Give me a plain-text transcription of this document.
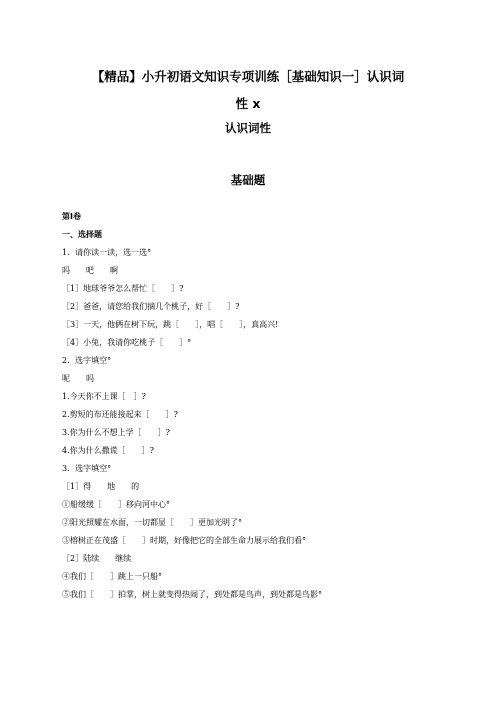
【精品】小升初语文知识专项训练［基础知识一］认识词
性 x
认识词性
基础题
第Ⅰ卷
一、选择题
1．请你读一读，选一选°
吗　　吧　　啊
［1］地球爷爷怎么帮忙［　　］?
［2］爸爸，请您给我们摘几个桃子，好［　　］?
［3］一天，他俩在树下玩，跳［　　］，唱［　　］，真高兴!
［4］小兔，我请你吃桃子［　　］°
2．选字填空°
呢　　吗
1.今天你不上课［　］?
2.剪短的布还能接起来［　　］?
3.你为什么不想上学［　　］?
4.你为什么撒谎［　　］?
3．选字填空°
［1］得　　地　　的
①船缓缓［　　］移向河中心°
②阳光照耀在水面，一切都显［　　］更加光明了°
③榕树正在茂盛［　　］时期，好像把它的全部生命力展示给我们看°
［2］陆续　　继续
④我们［　　］跳上一只船°
⑤我们［　　］拍掌，树上就变得热闹了，到处都是鸟声，到处都是鸟影°
